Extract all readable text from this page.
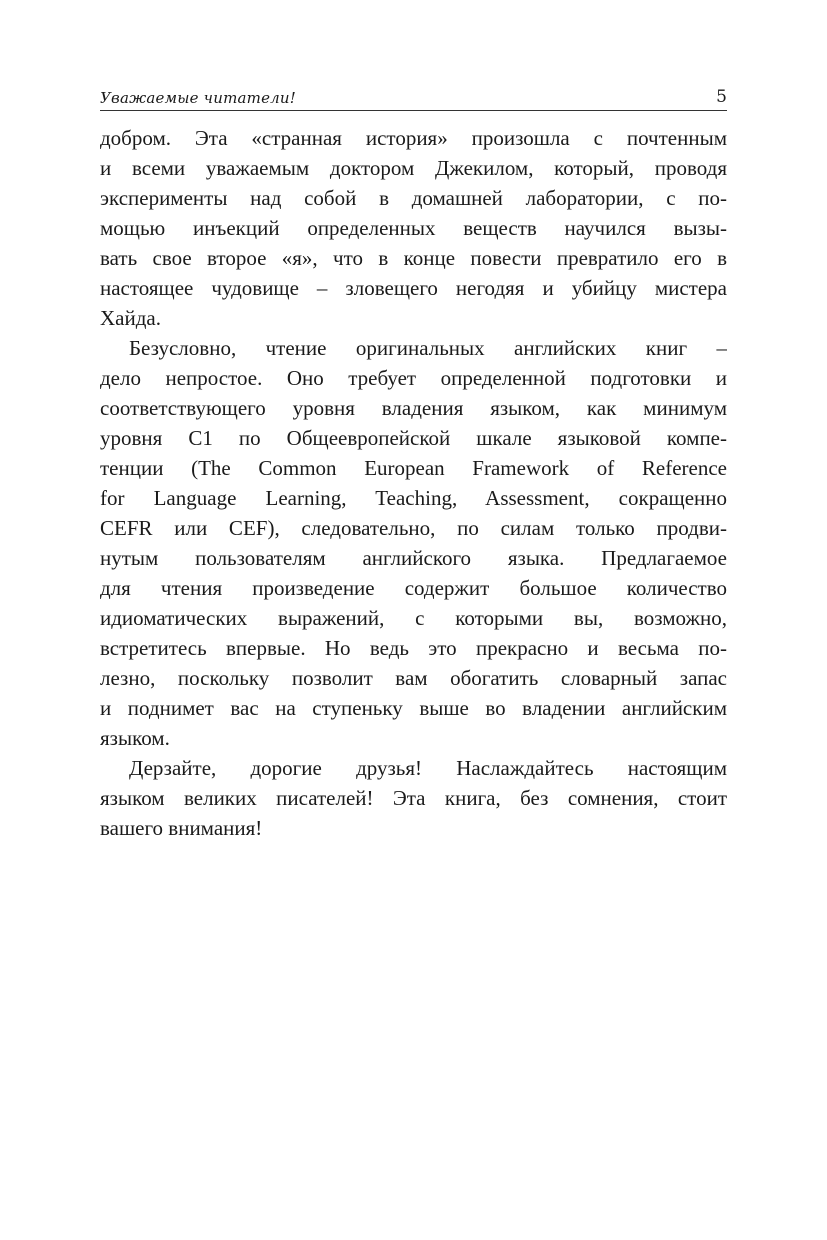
Уважаемые читатели!	5
добром. Эта «странная история» произошла с почтенным
и всеми уважаемым доктором Джекилом, который, проводя
эксперименты над собой в домашней лаборатории, с по-
мощью инъекций определенных веществ научился вызы-
вать свое второе «я», что в конце повести превратило его в
настоящее чудовище – зловещего негодяя и убийцу мистера
Хайда.
Безусловно, чтение оригинальных английских книг –
дело непростое. Оно требует определенной подготовки и
соответствующего уровня владения языком, как минимум
уровня С1 по Общеевропейской шкале языковой компе-
тенции (The Common European Framework of Reference
for Language Learning, Teaching, Assessment, сокращенно
CEFR или CEF), следовательно, по силам только продви-
нутым пользователям английского языка. Предлагаемое
для чтения произведение содержит большое количество
идиоматических выражений, с которыми вы, возможно,
встретитесь впервые. Но ведь это прекрасно и весьма по-
лезно, поскольку позволит вам обогатить словарный запас
и поднимет вас на ступеньку выше во владении английским
языком.
Дерзайте, дорогие друзья! Наслаждайтесь настоящим
языком великих писателей! Эта книга, без сомнения, стоит
вашего внимания!
